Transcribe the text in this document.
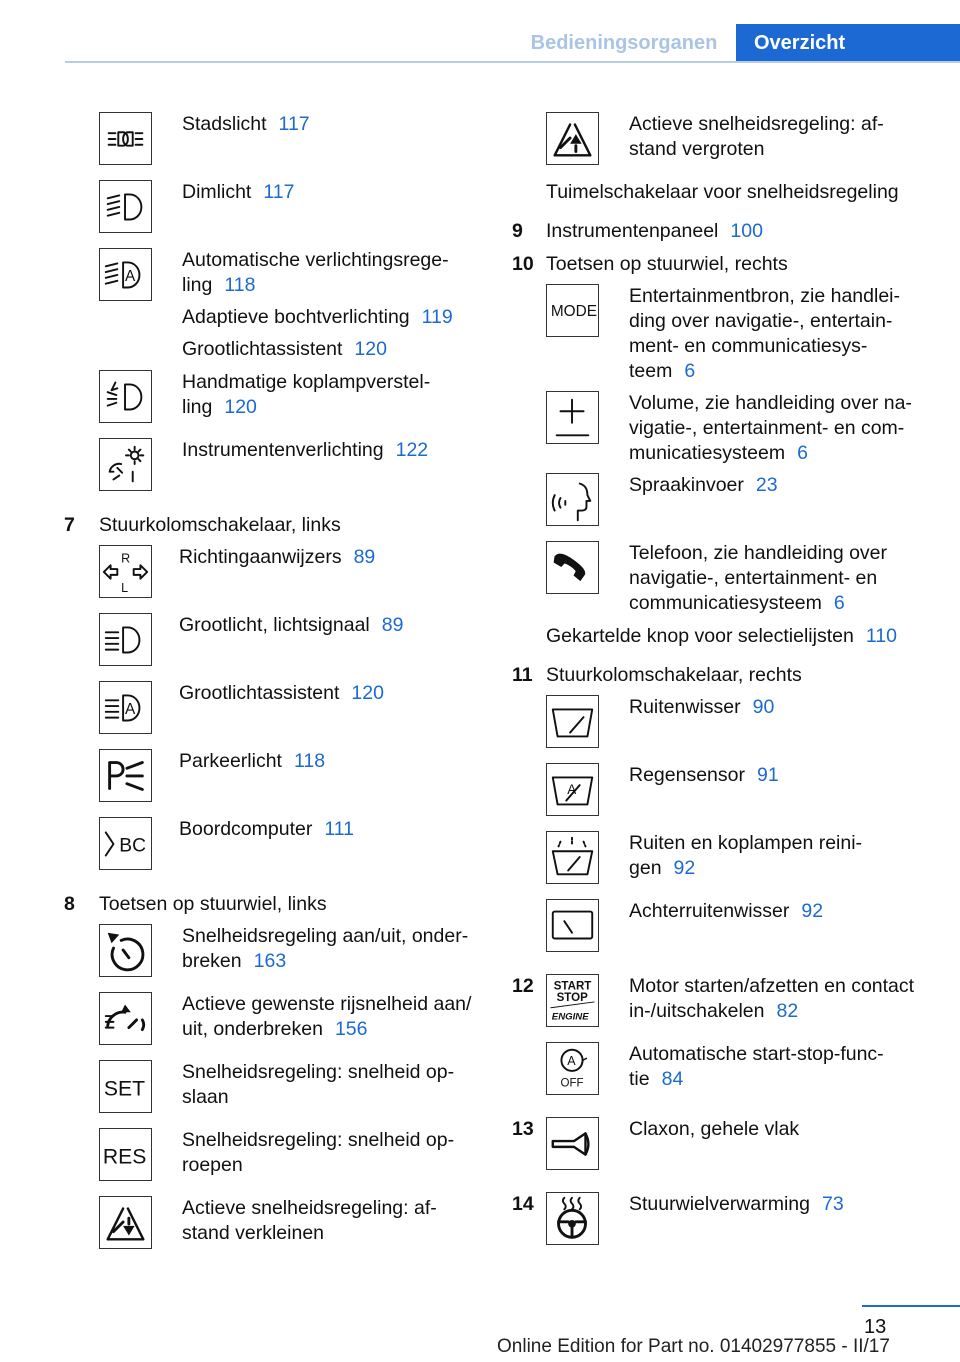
Bedieningsorganen	Overzicht
Stadslicht 117
Dimlicht 117
A
Automatische verlichtingsrege-
ling 118
Adaptieve bochtverlichting 119
Grootlichtassistent 120
Handmatige koplampverstel-
ling 120
Instrumentenverlichting 122
7 Stuurkolomschakelaar, links
R
L
Richtingaanwijzers 89
Grootlicht, lichtsignaal 89
A
Grootlichtassistent 120
Parkeerlicht 118
BC
Boordcomputer 111
8 Toetsen op stuurwiel, links
Snelheidsregeling aan/uit, onder-
breken 163
Actieve gewenste rijsnelheid aan/
uit, onderbreken 156
SET
Snelheidsregeling: snelheid op-
slaan
RES
Snelheidsregeling: snelheid op-
roepen
Actieve snelheidsregeling: af-
stand verkleinen
Actieve snelheidsregeling: af-
stand vergroten
Tuimelschakelaar voor snelheidsregeling
9 Instrumentenpaneel 100
10 Toetsen op stuurwiel, rechts
MODE
Entertainmentbron, zie handlei-
ding over navigatie-, entertain-
ment- en communicatiesys-
teem 6
Volume, zie handleiding over na-
vigatie-, entertainment- en com-
municatiesysteem 6
Spraakinvoer 23
Telefoon, zie handleiding over
navigatie-, entertainment- en
communicatiesysteem 6
Gekartelde knop voor selectielijsten 110
11 Stuurkolomschakelaar, rechts
Ruitenwisser 90
A
Regensensor 91
Ruiten en koplampen reini-
gen 92
Achterruitenwisser 92
12 START
STOP
ENGINE
Motor starten/afzetten en contact
in-/uitschakelen 82
A
OFF
Automatische start-stop-func-
tie 84
13	Claxon, gehele vlak
14	Stuurwielverwarming 73
13
Online Edition for Part no. 01402977855 - II/17
